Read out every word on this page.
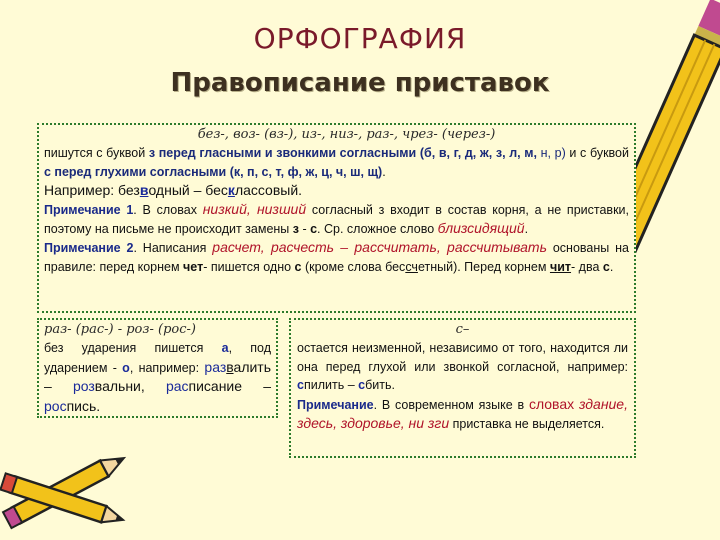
ОРФОГРАФИЯ
Правописание приставок
без-, воз- (вз-), из-, низ-, раз-, чрез- (через-)

пишутся с буквой з перед гласными и звонкими согласными (б, в, г, д, ж, з, л, м, н, р) и с буквой с перед глухими согласными (к, п, с, т, ф, ж, ц, ч, ш, щ).

Например: безводный – бесклассовый.

Примечание 1. В словах низкий, низший согласный з входит в состав корня, а не приставки, поэтому на письме не происходит замены з - с. Ср. сложное слово близсидящий.

Примечание 2. Написания расчет, расчесть – рассчитать, рассчитывать основаны на правиле: перед корнем чет- пишется одно с (кроме слова бессчетный). Перед корнем чит- два с.

раз- (рас-) - роз- (рос-)

без ударения пишется а, под ударением - о, например: развалить – розвальни, расписание – роспись.

с–

остается неизменной, независимо от того, находится ли она перед глухой или звонкой согласной, например: спилить – сбить.

Примечание. В современном языке в словах здание, здесь, здоровье, ни зги приставка не выделяется.
